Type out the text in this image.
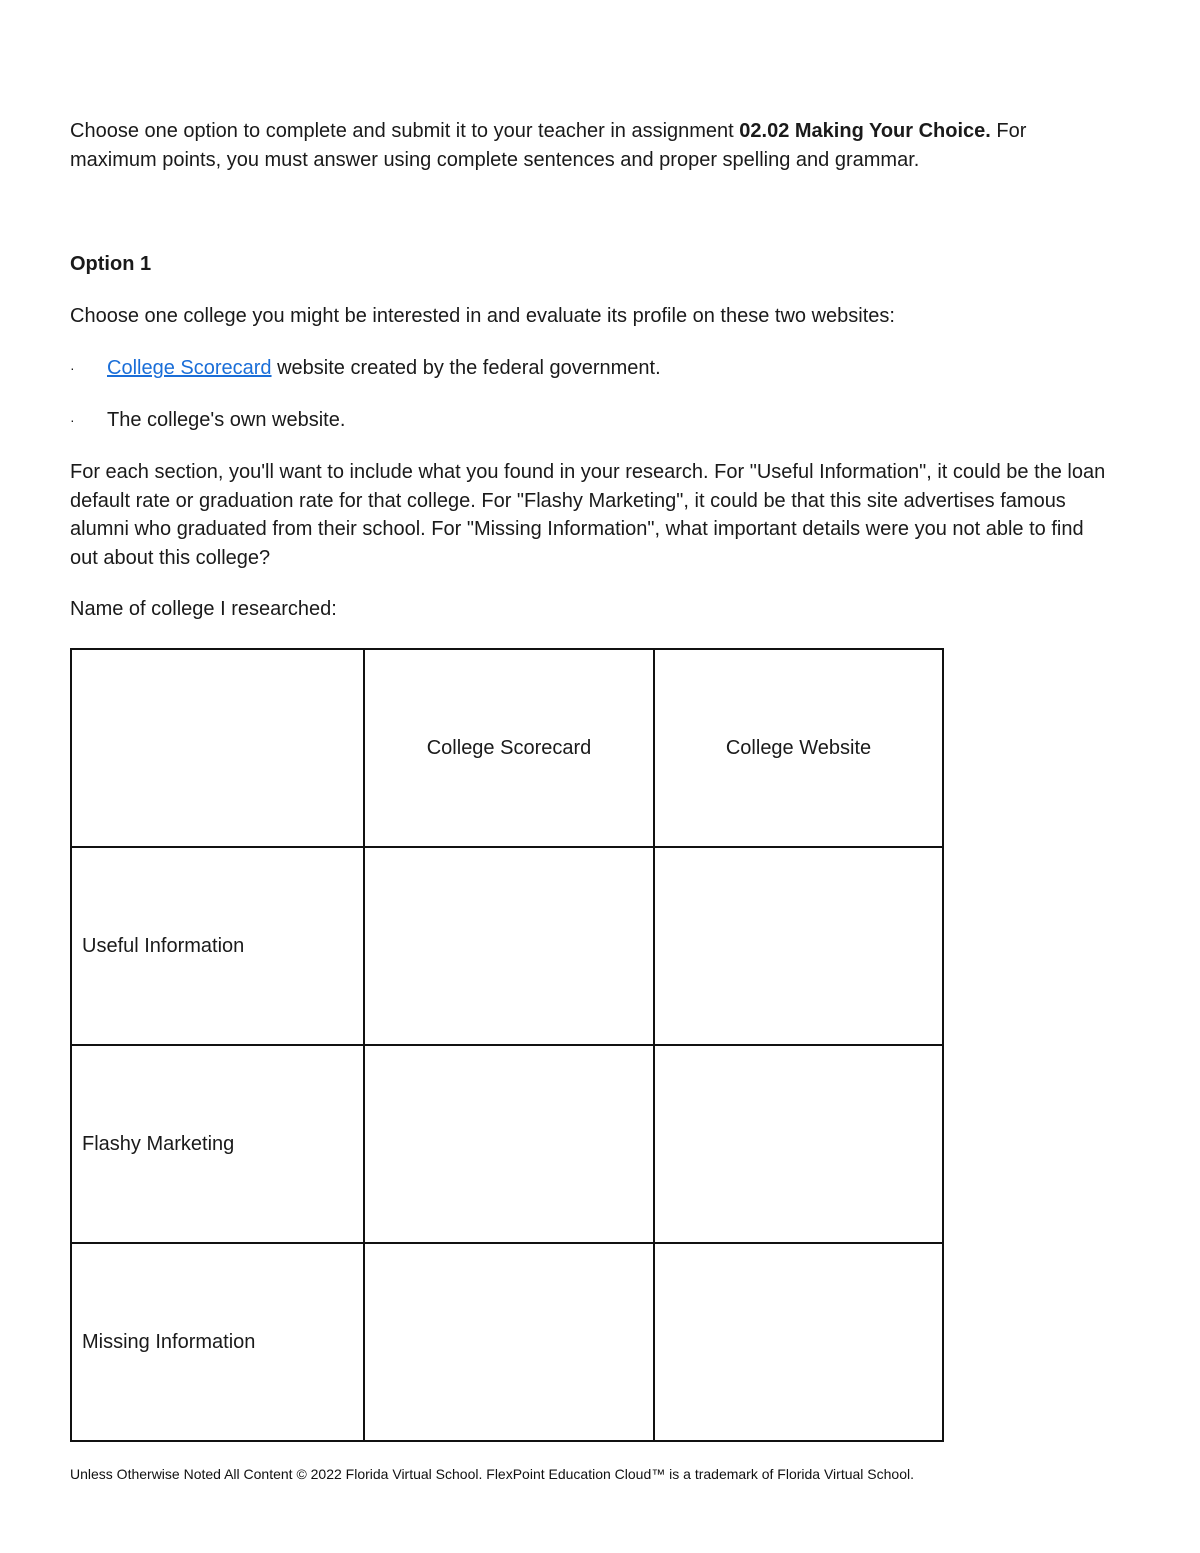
Choose one option to complete and submit it to your teacher in assignment 02.02 Making Your Choice. For maximum points, you must answer using complete sentences and proper spelling and grammar.

Option 1

Choose one college you might be interested in and evaluate its profile on these two websites:

· College Scorecard website created by the federal government.
· The college's own website.

For each section, you'll want to include what you found in your research. For "Useful Information", it could be the loan default rate or graduation rate for that college. For "Flashy Marketing", it could be that this site advertises famous alumni who graduated from their school. For "Missing Information", what important details were you not able to find out about this college?

Name of college I researched:

	College Scorecard	College Website
Useful Information		
Flashy Marketing		
Missing Information		
Unless Otherwise Noted All Content © 2022 Florida Virtual School. FlexPoint Education Cloud™ is a trademark of Florida Virtual School.
